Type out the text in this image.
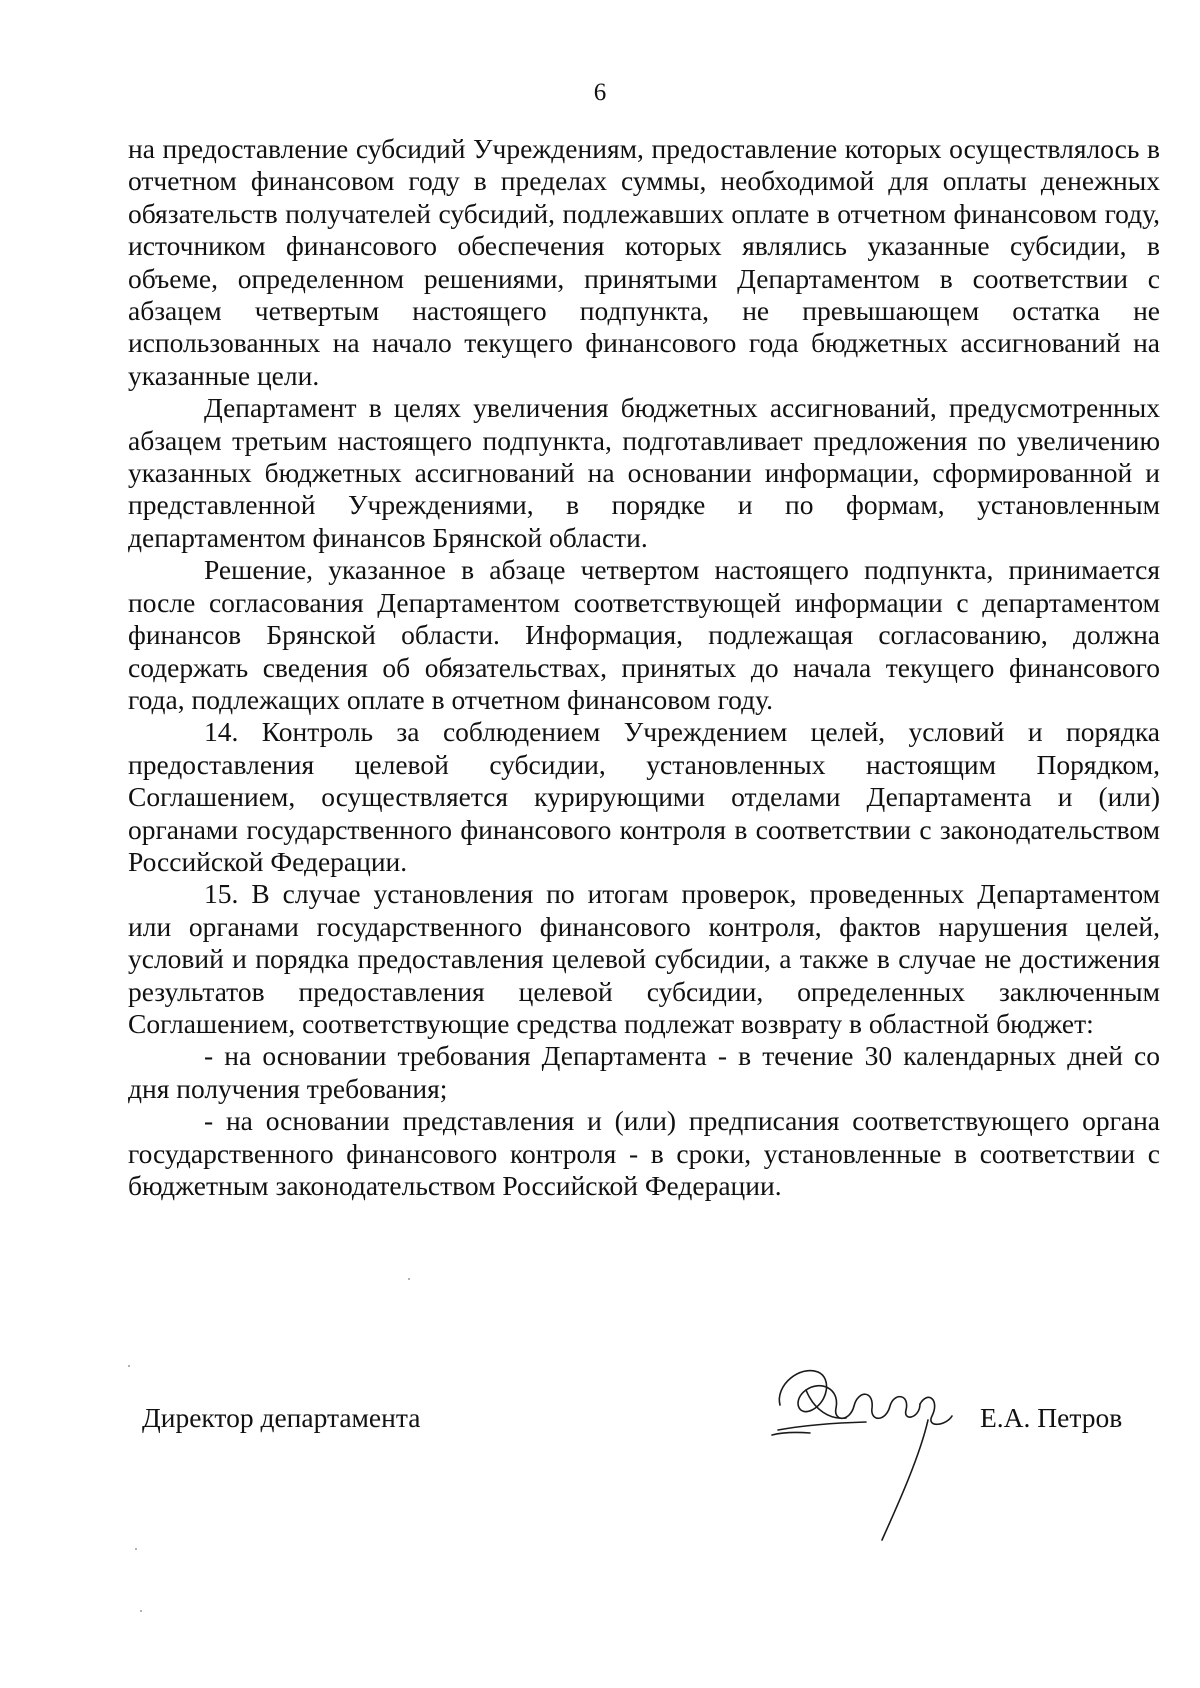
6

на предоставление субсидий Учреждениям, предоставление которых осуществлялось в отчетном финансовом году в пределах суммы, необходимой для оплаты денежных обязательств получателей субсидий, подлежавших оплате в отчетном финансовом году, источником финансового обеспечения которых являлись указанные субсидии, в объеме, определенном решениями, принятыми Департаментом в соответствии с абзацем четвертым настоящего подпункта, не превышающем остатка не использованных на начало текущего финансового года бюджетных ассигнований на указанные цели.

Департамент в целях увеличения бюджетных ассигнований, предусмотренных абзацем третьим настоящего подпункта, подготавливает предложения по увеличению указанных бюджетных ассигнований на основании информации, сформированной и представленной Учреждениями, в порядке и по формам, установленным департаментом финансов Брянской области.

Решение, указанное в абзаце четвертом настоящего подпункта, принимается после согласования Департаментом соответствующей информации с департаментом финансов Брянской области. Информация, подлежащая согласованию, должна содержать сведения об обязательствах, принятых до начала текущего финансового года, подлежащих оплате в отчетном финансовом году.

14. Контроль за соблюдением Учреждением целей, условий и порядка предоставления целевой субсидии, установленных настоящим Порядком, Соглашением, осуществляется курирующими отделами Департамента и (или) органами государственного финансового контроля в соответствии с законодательством Российской Федерации.

15. В случае установления по итогам проверок, проведенных Департаментом или органами государственного финансового контроля, фактов нарушения целей, условий и порядка предоставления целевой субсидии, а также в случае не достижения результатов предоставления целевой субсидии, определенных заключенным Соглашением, соответствующие средства подлежат возврату в областной бюджет:

- на основании требования Департамента - в течение 30 календарных дней со дня получения требования;

- на основании представления и (или) предписания соответствующего органа государственного финансового контроля - в сроки, установленные в соответствии с бюджетным законодательством Российской Федерации.

Директор департамента	Е.А. Петров
